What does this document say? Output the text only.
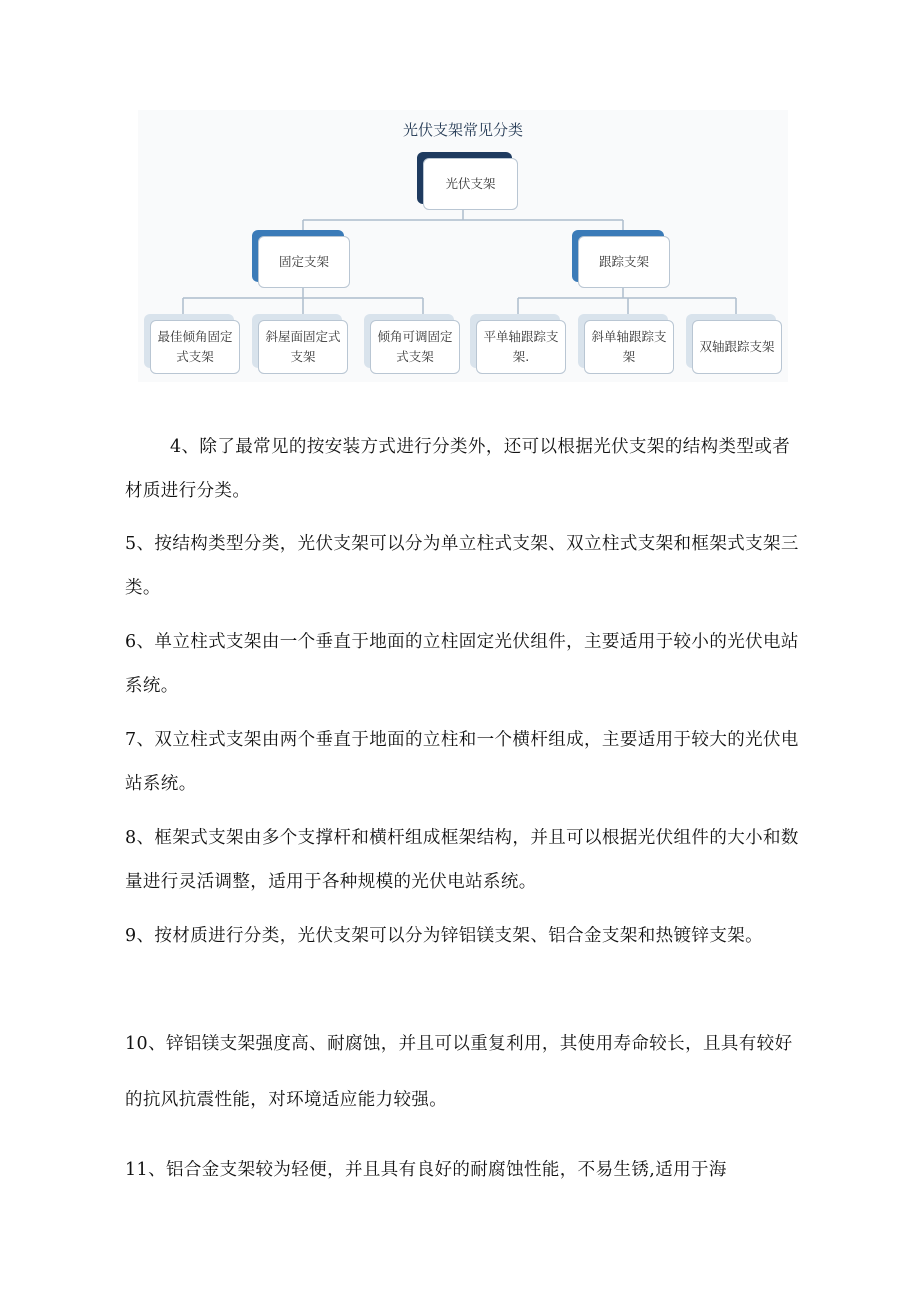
光伏支架常见分类
光伏支架
固定支架	跟踪支架
最佳倾角固定式支架
斜屋面固定式支架
倾角可调固定式支架
平单轴跟踪支架.
斜单轴跟踪支架
双轴跟踪支架

4、除了最常见的按安装方式进行分类外，还可以根据光伏支架的结构类型或者材质进行分类。

5、按结构类型分类，光伏支架可以分为单立柱式支架、双立柱式支架和框架式支架三类。

6、单立柱式支架由一个垂直于地面的立柱固定光伏组件，主要适用于较小的光伏电站系统。

7、双立柱式支架由两个垂直于地面的立柱和一个横杆组成，主要适用于较大的光伏电站系统。

8、框架式支架由多个支撑杆和横杆组成框架结构，并且可以根据光伏组件的大小和数量进行灵活调整，适用于各种规模的光伏电站系统。

9、按材质进行分类，光伏支架可以分为锌铝镁支架、铝合金支架和热镀锌支架。

10、锌铝镁支架强度高、耐腐蚀，并且可以重复利用，其使用寿命较长，且具有较好的抗风抗震性能，对环境适应能力较强。

11、铝合金支架较为轻便，并且具有良好的耐腐蚀性能，不易生锈,适用于海
